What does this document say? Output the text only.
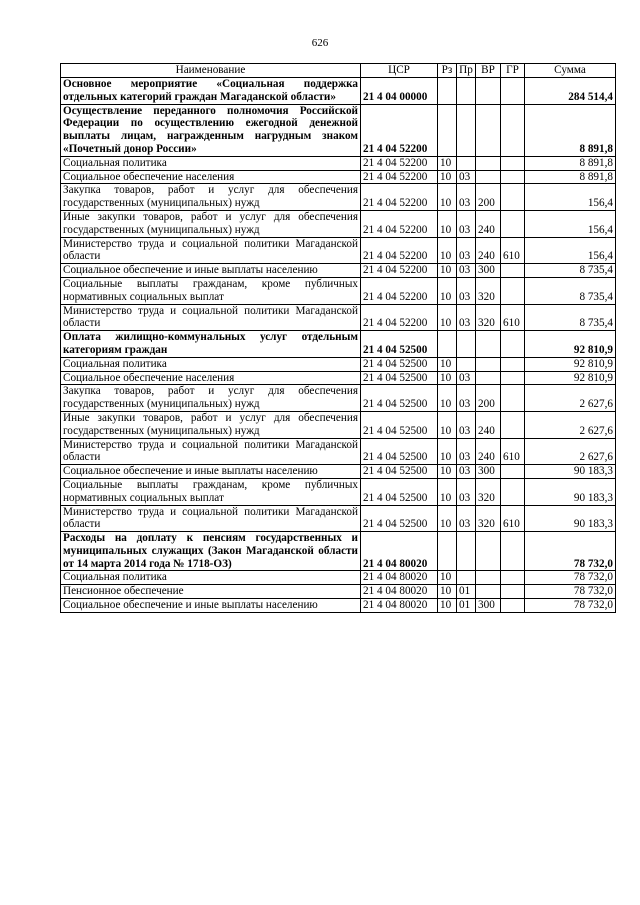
626
Наименование	ЦСР	Рз	Пр	ВР	ГР	Сумма
Основное мероприятие «Социальная поддержка отдельных категорий граждан Магаданской области»	21 4 04 00000					284 514,4
Осуществление переданного полномочия Российской Федерации по осуществлению ежегодной денежной выплаты лицам, награжденным нагрудным знаком «Почетный донор России»	21 4 04 52200					8 891,8
Социальная политика	21 4 04 52200	10				8 891,8
Социальное обеспечение населения	21 4 04 52200	10	03			8 891,8
Закупка товаров, работ и услуг для обеспечения государственных (муниципальных) нужд	21 4 04 52200	10	03	200		156,4
Иные закупки товаров, работ и услуг для обеспечения государственных (муниципальных) нужд	21 4 04 52200	10	03	240		156,4
Министерство труда и социальной политики Магаданской области	21 4 04 52200	10	03	240	610	156,4
Социальное обеспечение и иные выплаты населению	21 4 04 52200	10	03	300		8 735,4
Социальные выплаты гражданам, кроме публичных нормативных социальных выплат	21 4 04 52200	10	03	320		8 735,4
Министерство труда и социальной политики Магаданской области	21 4 04 52200	10	03	320	610	8 735,4
Оплата жилищно-коммунальных услуг отдельным категориям граждан	21 4 04 52500					92 810,9
Социальная политика	21 4 04 52500	10				92 810,9
Социальное обеспечение населения	21 4 04 52500	10	03			92 810,9
Закупка товаров, работ и услуг для обеспечения государственных (муниципальных) нужд	21 4 04 52500	10	03	200		2 627,6
Иные закупки товаров, работ и услуг для обеспечения государственных (муниципальных) нужд	21 4 04 52500	10	03	240		2 627,6
Министерство труда и социальной политики Магаданской области	21 4 04 52500	10	03	240	610	2 627,6
Социальное обеспечение и иные выплаты населению	21 4 04 52500	10	03	300		90 183,3
Социальные выплаты гражданам, кроме публичных нормативных социальных выплат	21 4 04 52500	10	03	320		90 183,3
Министерство труда и социальной политики Магаданской области	21 4 04 52500	10	03	320	610	90 183,3
Расходы на доплату к пенсиям государственных и муниципальных служащих (Закон Магаданской области от 14 марта 2014 года № 1718-ОЗ)	21 4 04 80020					78 732,0
Социальная политика	21 4 04 80020	10				78 732,0
Пенсионное обеспечение	21 4 04 80020	10	01			78 732,0
Социальное обеспечение и иные выплаты населению	21 4 04 80020	10	01	300		78 732,0
